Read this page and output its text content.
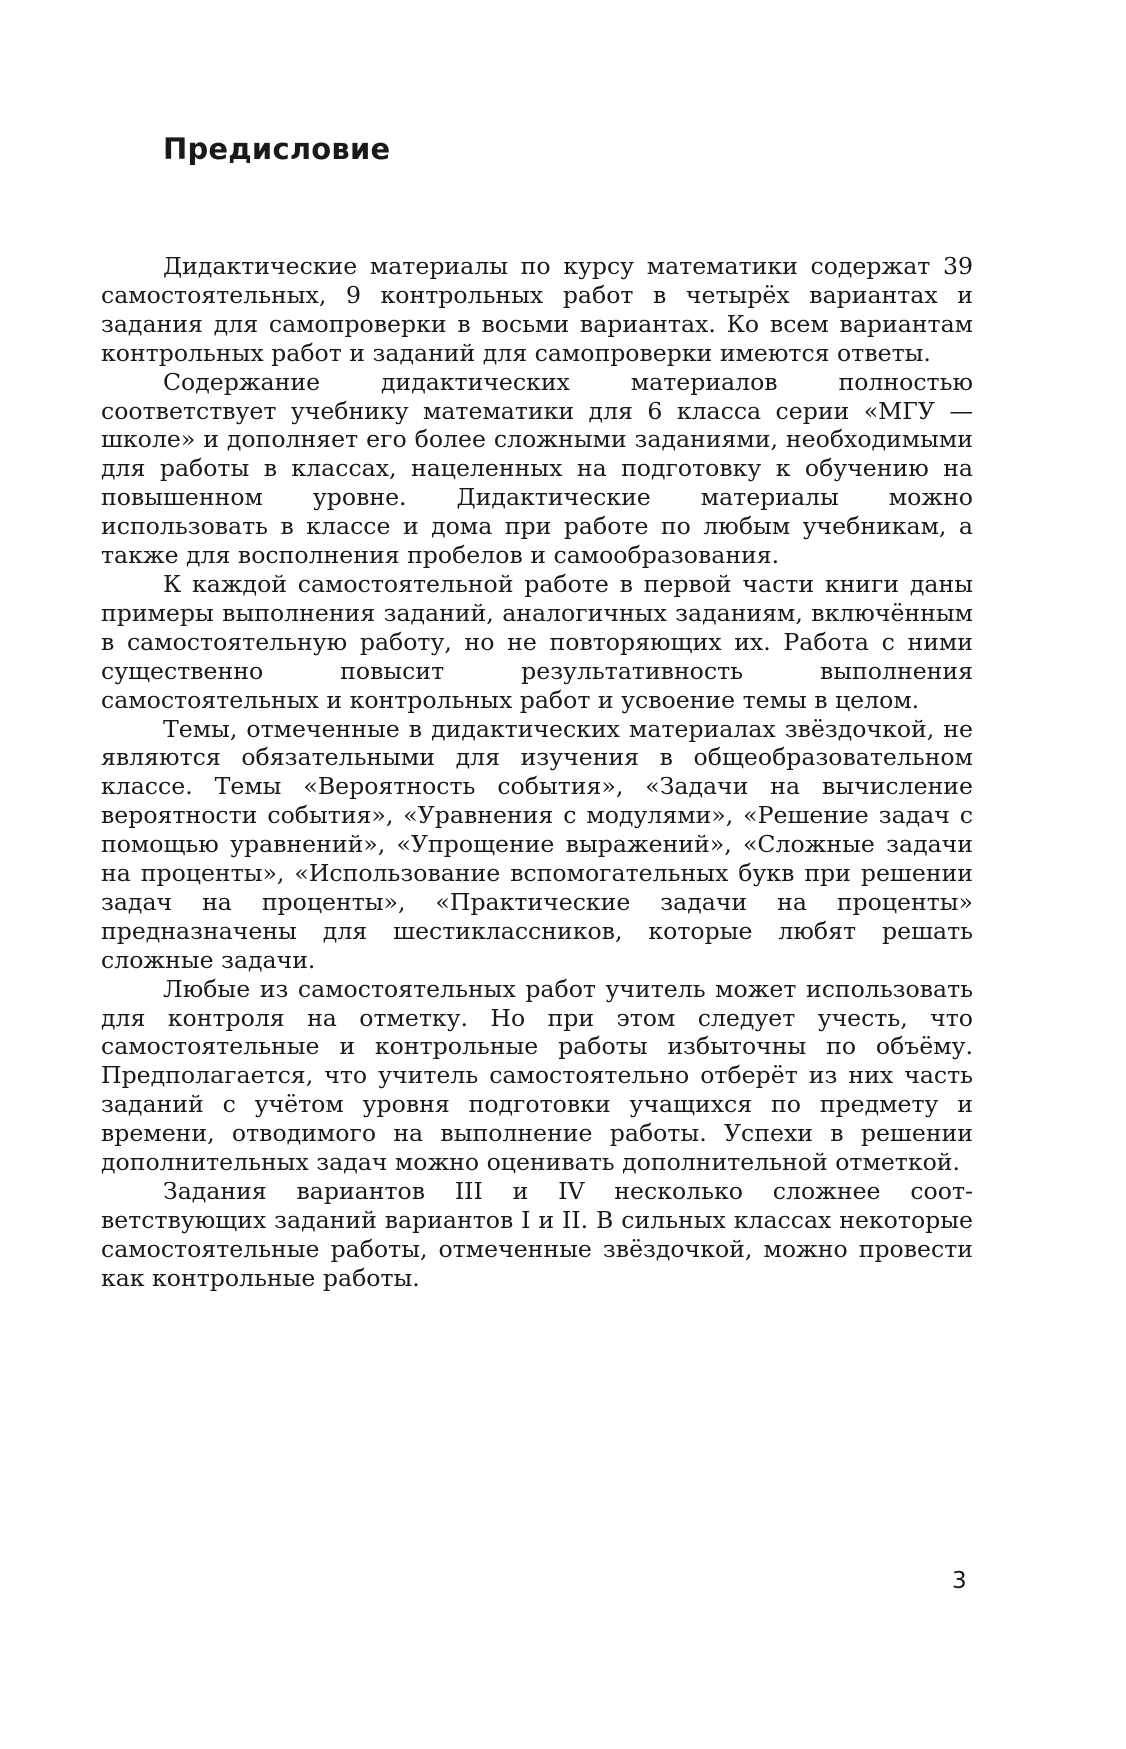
Предисловие

Дидактические материалы по курсу математики содержат 39 самостоятельных, 9 контрольных работ в четырёх вариантах и задания для самопроверки в восьми вариантах. Ко всем вариантам контрольных работ и заданий для самопроверки имеются ответы.

Содержание дидактических материалов полностью соответствует учебнику математики для 6 класса серии «МГУ — школе» и дополняет его более сложными заданиями, необходимыми для работы в классах, нацеленных на подготовку к обучению на повышенном уровне. Дидактические материалы можно использовать в классе и дома при работе по любым учебникам, а также для восполнения пробелов и самообразования.

К каждой самостоятельной работе в первой части книги даны примеры выполнения заданий, аналогичных заданиям, включённым в самостоятельную работу, но не повторяющих их. Работа с ними существенно повысит результативность выполнения самостоятельных и контрольных работ и усвоение темы в целом.

Темы, отмеченные в дидактических материалах звёздочкой, не являются обязательными для изучения в общеобразовательном классе. Темы «Вероятность события», «Задачи на вычисление вероятности события», «Уравнения с модулями», «Решение задач с помощью уравнений», «Упрощение выражений», «Сложные задачи на проценты», «Использование вспомогательных букв при решении задач на проценты», «Практические задачи на проценты» предназначены для шестиклассников, которые любят решать сложные задачи.

Любые из самостоятельных работ учитель может использовать для контроля на отметку. Но при этом следует учесть, что самостоятельные и контрольные работы избыточны по объёму. Предполагается, что учитель самостоятельно отберёт из них часть заданий с учётом уровня подготовки учащихся по предмету и времени, отводимого на выполнение работы. Успехи в решении дополнительных задач можно оценивать дополнительной отметкой.

Задания вариантов III и IV несколько сложнее соответствующих заданий вариантов I и II. В сильных классах некоторые самостоятельные работы, отмеченные звёздочкой, можно провести как контрольные работы.

3
